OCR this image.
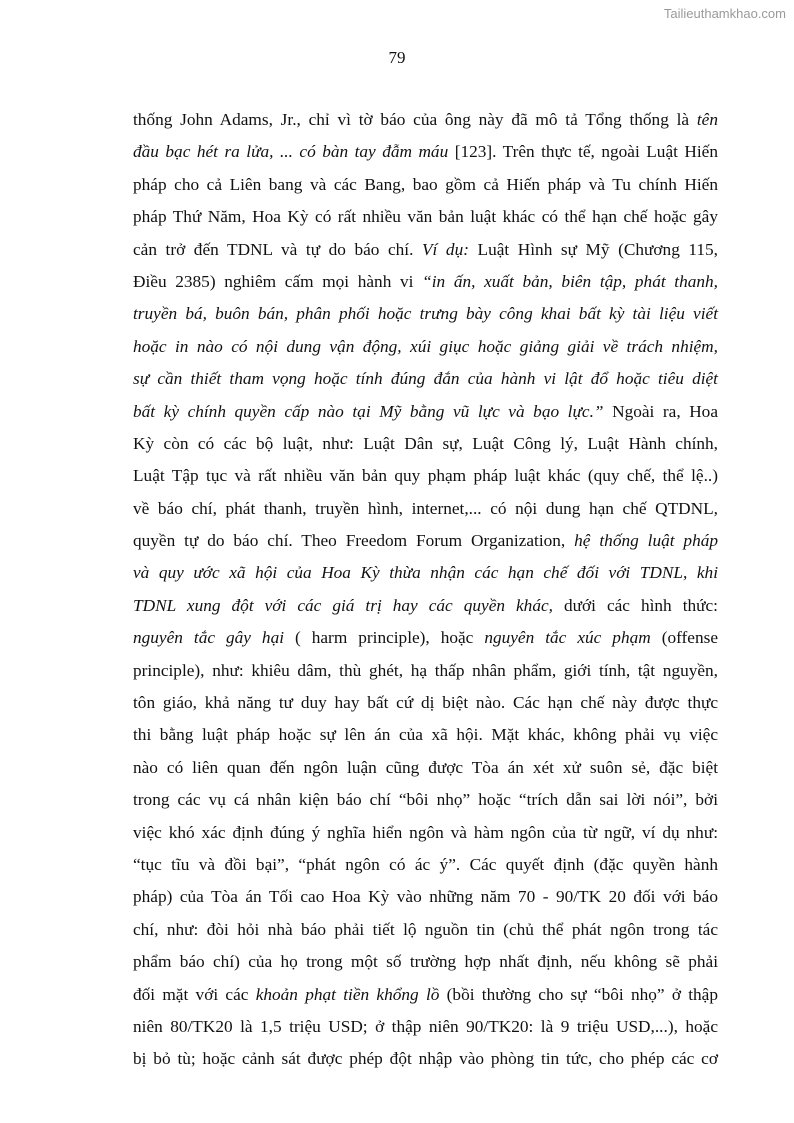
Tailieuthamkhao.com
79
thống John Adams, Jr., chỉ vì tờ báo của ông này đã mô tả Tổng thống là tên
đầu bạc hét ra lửa, ... có bàn tay đẫm máu [123]. Trên thực tế, ngoài Luật Hiến
pháp cho cả Liên bang và các Bang, bao gồm cả Hiến pháp và Tu chính Hiến
pháp Thứ Năm, Hoa Kỳ có rất nhiều văn bản luật khác có thể hạn chế hoặc gây
cản trở đến TDNL và tự do báo chí. Ví dụ: Luật Hình sự Mỹ (Chương 115,
Điều 2385) nghiêm cấm mọi hành vi “in ấn, xuất bản, biên tập, phát thanh,
truyền bá, buôn bán, phân phối hoặc trưng bày công khai bất kỳ tài liệu viết
hoặc in nào có nội dung vận động, xúi giục hoặc giảng giải về trách nhiệm,
sự cần thiết tham vọng hoặc tính đúng đắn của hành vi lật đổ hoặc tiêu diệt
bất kỳ chính quyền cấp nào tại Mỹ bằng vũ lực và bạo lực.” Ngoài ra, Hoa
Kỳ còn có các bộ luật, như: Luật Dân sự, Luật Công lý, Luật Hành chính,
Luật Tập tục và rất nhiều văn bản quy phạm pháp luật khác (quy chế, thể lệ..)
về báo chí, phát thanh, truyền hình, internet,... có nội dung hạn chế QTDNL,
quyền tự do báo chí. Theo Freedom Forum Organization, hệ thống luật pháp
và quy ước xã hội của Hoa Kỳ thừa nhận các hạn chế đối với TDNL, khi
TDNL xung đột với các giá trị hay các quyền khác, dưới các hình thức:
nguyên tắc gây hại ( harm principle), hoặc nguyên tắc xúc phạm (offense
principle), như: khiêu dâm, thù ghét, hạ thấp nhân phẩm, giới tính, tật nguyền,
tôn giáo, khả năng tư duy hay bất cứ dị biệt nào. Các hạn chế này được thực
thi bằng luật pháp hoặc sự lên án của xã hội. Mặt khác, không phải vụ việc
nào có liên quan đến ngôn luận cũng được Tòa án xét xử suôn sẻ, đặc biệt
trong các vụ cá nhân kiện báo chí “bôi nhọ” hoặc “trích dẫn sai lời nói”, bởi
việc khó xác định đúng ý nghĩa hiển ngôn và hàm ngôn của từ ngữ, ví dụ như:
“tục tĩu và đồi bại”, “phát ngôn có ác ý”. Các quyết định (đặc quyền hành
pháp) của Tòa án Tối cao Hoa Kỳ vào những năm 70 - 90/TK 20 đối với báo
chí, như: đòi hỏi nhà báo phải tiết lộ nguồn tin (chủ thể phát ngôn trong tác
phẩm báo chí) của họ trong một số trường hợp nhất định, nếu không sẽ phải
đối mặt với các khoản phạt tiền khổng lồ (bồi thường cho sự “bôi nhọ” ở thập
niên 80/TK20 là 1,5 triệu USD; ở thập niên 90/TK20: là 9 triệu USD,...), hoặc
bị bỏ tù; hoặc cảnh sát được phép đột nhập vào phòng tin tức, cho phép các cơ
